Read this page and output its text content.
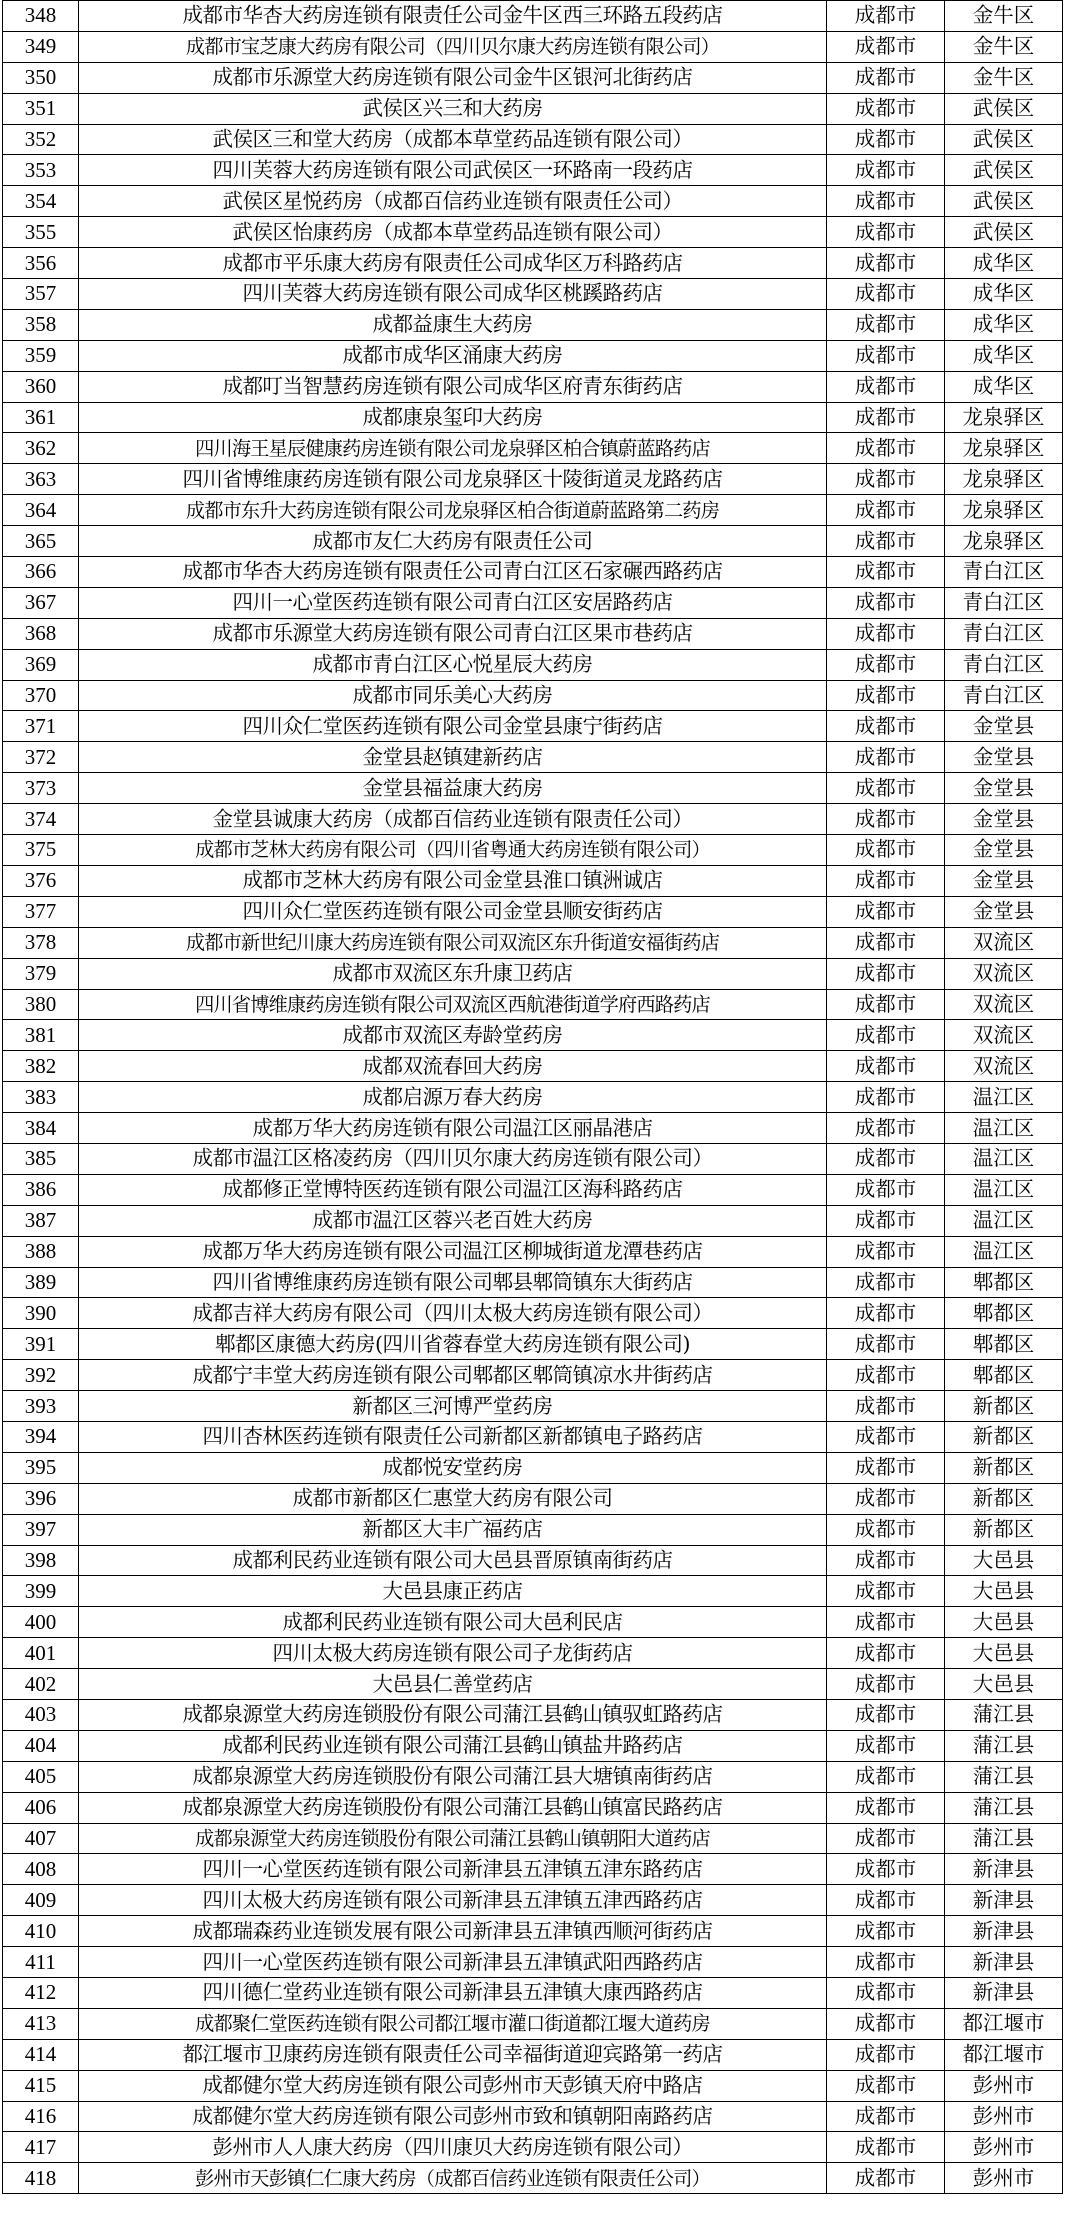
348	成都市华杏大药房连锁有限责任公司金牛区西三环路五段药店	成都市	金牛区
349	成都市宝芝康大药房有限公司（四川贝尔康大药房连锁有限公司）	成都市	金牛区
350	成都市乐源堂大药房连锁有限公司金牛区银河北街药店	成都市	金牛区
351	武侯区兴三和大药房	成都市	武侯区
352	武侯区三和堂大药房（成都本草堂药品连锁有限公司）	成都市	武侯区
353	四川芙蓉大药房连锁有限公司武侯区一环路南一段药店	成都市	武侯区
354	武侯区星悦药房（成都百信药业连锁有限责任公司）	成都市	武侯区
355	武侯区怡康药房（成都本草堂药品连锁有限公司）	成都市	武侯区
356	成都市平乐康大药房有限责任公司成华区万科路药店	成都市	成华区
357	四川芙蓉大药房连锁有限公司成华区桃蹊路药店	成都市	成华区
358	成都益康生大药房	成都市	成华区
359	成都市成华区涌康大药房	成都市	成华区
360	成都叮当智慧药房连锁有限公司成华区府青东街药店	成都市	成华区
361	成都康泉玺印大药房	成都市	龙泉驿区
362	四川海王星辰健康药房连锁有限公司龙泉驿区柏合镇蔚蓝路药店	成都市	龙泉驿区
363	四川省博维康药房连锁有限公司龙泉驿区十陵街道灵龙路药店	成都市	龙泉驿区
364	成都市东升大药房连锁有限公司龙泉驿区柏合街道蔚蓝路第二药房	成都市	龙泉驿区
365	成都市友仁大药房有限责任公司	成都市	龙泉驿区
366	成都市华杏大药房连锁有限责任公司青白江区石家碾西路药店	成都市	青白江区
367	四川一心堂医药连锁有限公司青白江区安居路药店	成都市	青白江区
368	成都市乐源堂大药房连锁有限公司青白江区果市巷药店	成都市	青白江区
369	成都市青白江区心悦星辰大药房	成都市	青白江区
370	成都市同乐美心大药房	成都市	青白江区
371	四川众仁堂医药连锁有限公司金堂县康宁街药店	成都市	金堂县
372	金堂县赵镇建新药店	成都市	金堂县
373	金堂县福益康大药房	成都市	金堂县
374	金堂县诚康大药房（成都百信药业连锁有限责任公司）	成都市	金堂县
375	成都市芝林大药房有限公司（四川省粤通大药房连锁有限公司）	成都市	金堂县
376	成都市芝林大药房有限公司金堂县淮口镇洲诚店	成都市	金堂县
377	四川众仁堂医药连锁有限公司金堂县顺安街药店	成都市	金堂县
378	成都市新世纪川康大药房连锁有限公司双流区东升街道安福街药店	成都市	双流区
379	成都市双流区东升康卫药店	成都市	双流区
380	四川省博维康药房连锁有限公司双流区西航港街道学府西路药店	成都市	双流区
381	成都市双流区寿龄堂药房	成都市	双流区
382	成都双流春回大药房	成都市	双流区
383	成都启源万春大药房	成都市	温江区
384	成都万华大药房连锁有限公司温江区丽晶港店	成都市	温江区
385	成都市温江区格凌药房（四川贝尔康大药房连锁有限公司）	成都市	温江区
386	成都修正堂博特医药连锁有限公司温江区海科路药店	成都市	温江区
387	成都市温江区蓉兴老百姓大药房	成都市	温江区
388	成都万华大药房连锁有限公司温江区柳城街道龙潭巷药店	成都市	温江区
389	四川省博维康药房连锁有限公司郫县郫筒镇东大街药店	成都市	郫都区
390	成都吉祥大药房有限公司（四川太极大药房连锁有限公司）	成都市	郫都区
391	郫都区康德大药房(四川省蓉春堂大药房连锁有限公司)	成都市	郫都区
392	成都宁丰堂大药房连锁有限公司郫都区郫筒镇凉水井街药店	成都市	郫都区
393	新都区三河博严堂药房	成都市	新都区
394	四川杏林医药连锁有限责任公司新都区新都镇电子路药店	成都市	新都区
395	成都悦安堂药房	成都市	新都区
396	成都市新都区仁惠堂大药房有限公司	成都市	新都区
397	新都区大丰广福药店	成都市	新都区
398	成都利民药业连锁有限公司大邑县晋原镇南街药店	成都市	大邑县
399	大邑县康正药店	成都市	大邑县
400	成都利民药业连锁有限公司大邑利民店	成都市	大邑县
401	四川太极大药房连锁有限公司子龙街药店	成都市	大邑县
402	大邑县仁善堂药店	成都市	大邑县
403	成都泉源堂大药房连锁股份有限公司蒲江县鹤山镇驭虹路药店	成都市	蒲江县
404	成都利民药业连锁有限公司蒲江县鹤山镇盐井路药店	成都市	蒲江县
405	成都泉源堂大药房连锁股份有限公司蒲江县大塘镇南街药店	成都市	蒲江县
406	成都泉源堂大药房连锁股份有限公司蒲江县鹤山镇富民路药店	成都市	蒲江县
407	成都泉源堂大药房连锁股份有限公司蒲江县鹤山镇朝阳大道药店	成都市	蒲江县
408	四川一心堂医药连锁有限公司新津县五津镇五津东路药店	成都市	新津县
409	四川太极大药房连锁有限公司新津县五津镇五津西路药店	成都市	新津县
410	成都瑞森药业连锁发展有限公司新津县五津镇西顺河街药店	成都市	新津县
411	四川一心堂医药连锁有限公司新津县五津镇武阳西路药店	成都市	新津县
412	四川德仁堂药业连锁有限公司新津县五津镇大康西路药店	成都市	新津县
413	成都聚仁堂医药连锁有限公司都江堰市灌口街道都江堰大道药房	成都市	都江堰市
414	都江堰市卫康药房连锁有限责任公司幸福街道迎宾路第一药店	成都市	都江堰市
415	成都健尔堂大药房连锁有限公司彭州市天彭镇天府中路店	成都市	彭州市
416	成都健尔堂大药房连锁有限公司彭州市致和镇朝阳南路药店	成都市	彭州市
417	彭州市人人康大药房（四川康贝大药房连锁有限公司）	成都市	彭州市
418	彭州市天彭镇仁仁康大药房（成都百信药业连锁有限责任公司）	成都市	彭州市
